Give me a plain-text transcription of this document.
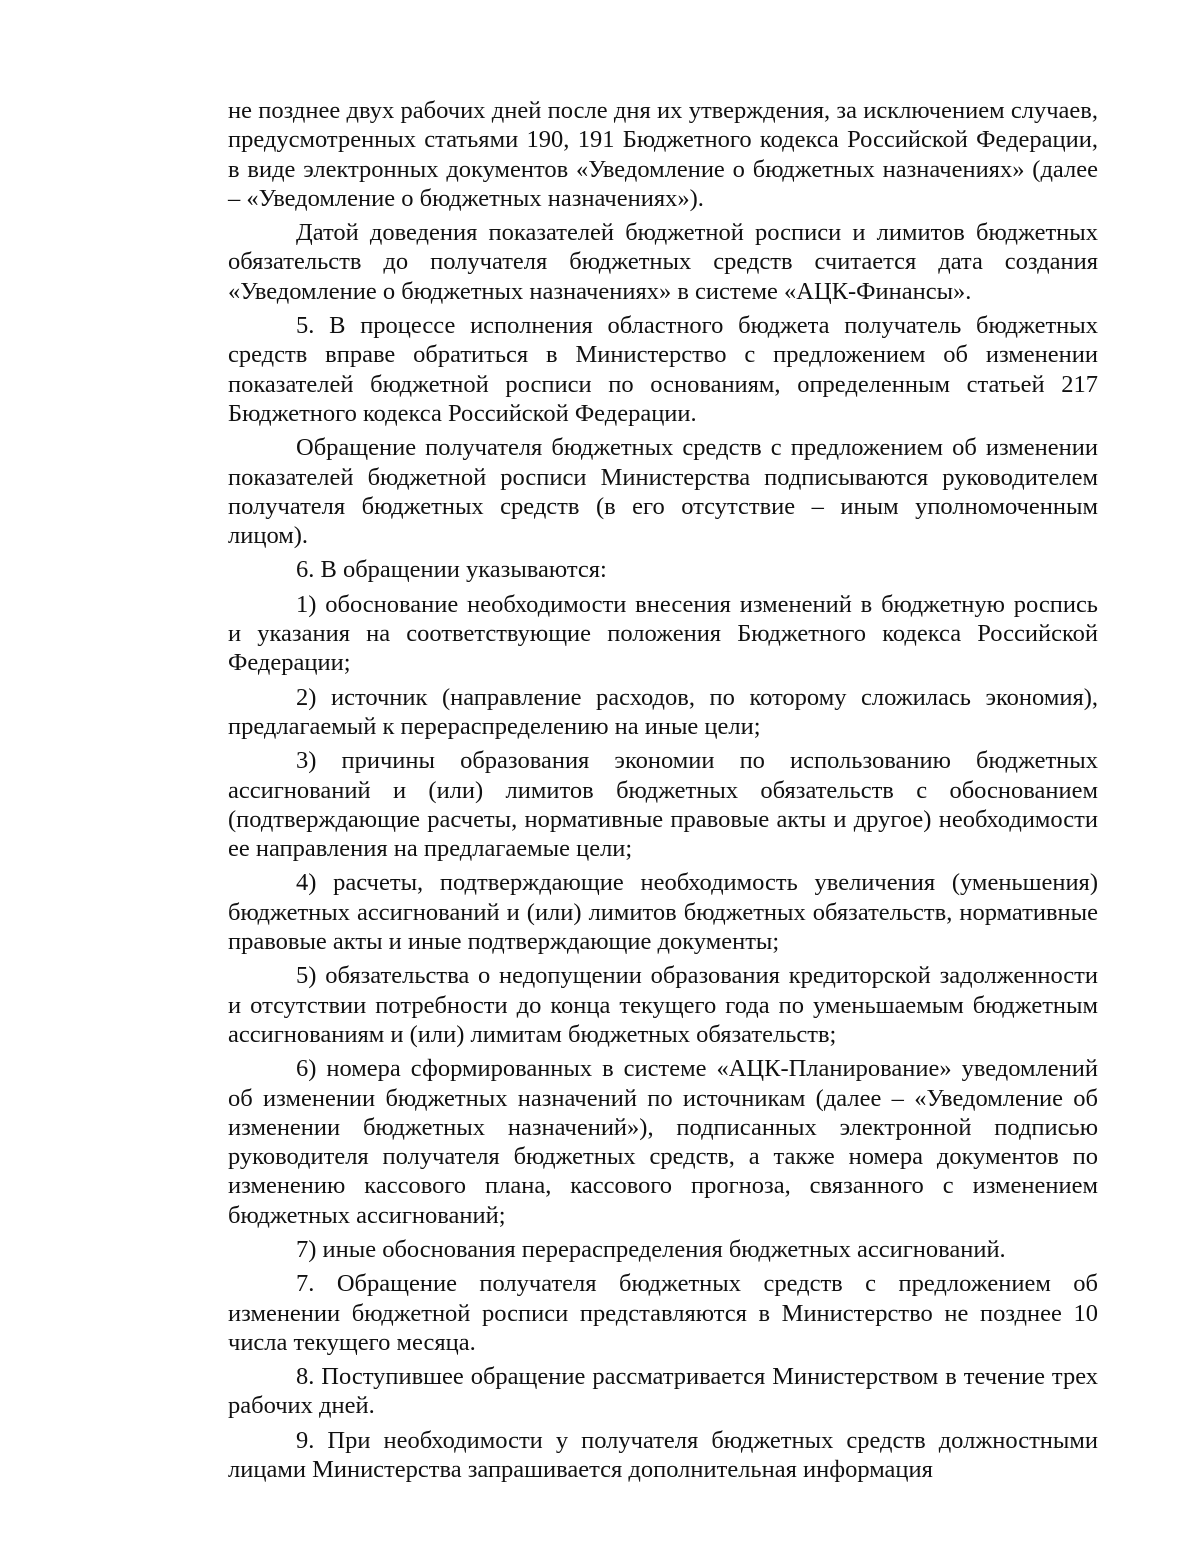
не позднее двух рабочих дней после дня их утверждения, за исключением случаев, предусмотренных статьями 190, 191 Бюджетного кодекса Российской Федерации, в виде электронных документов «Уведомление о бюджетных назначениях» (далее – «Уведомление о бюджетных назначениях»).

Датой доведения показателей бюджетной росписи и лимитов бюджетных обязательств до получателя бюджетных средств считается дата создания «Уведомление о бюджетных назначениях» в системе «АЦК-Финансы».

5. В процессе исполнения областного бюджета получатель бюджетных средств вправе обратиться в Министерство с предложением об изменении показателей бюджетной росписи по основаниям, определенным статьей 217 Бюджетного кодекса Российской Федерации.

Обращение получателя бюджетных средств с предложением об изменении показателей бюджетной росписи Министерства подписываются руководителем получателя бюджетных средств (в его отсутствие – иным уполномоченным лицом).

6. В обращении указываются:

1) обоснование необходимости внесения изменений в бюджетную роспись и указания на соответствующие положения Бюджетного кодекса Российской Федерации;

2) источник (направление расходов, по которому сложилась экономия), предлагаемый к перераспределению на иные цели;

3) причины образования экономии по использованию бюджетных ассигнований и (или) лимитов бюджетных обязательств с обоснованием (подтверждающие расчеты, нормативные правовые акты и другое) необходимости ее направления на предлагаемые цели;

4) расчеты, подтверждающие необходимость увеличения (уменьшения) бюджетных ассигнований и (или) лимитов бюджетных обязательств, нормативные правовые акты и иные подтверждающие документы;

5) обязательства о недопущении образования кредиторской задолженности и отсутствии потребности до конца текущего года по уменьшаемым бюджетным ассигнованиям и (или) лимитам бюджетных обязательств;

6) номера сформированных в системе «АЦК-Планирование» уведомлений об изменении бюджетных назначений по источникам (далее – «Уведомление об изменении бюджетных назначений»), подписанных электронной подписью руководителя получателя бюджетных средств, а также номера документов по изменению кассового плана, кассового прогноза, связанного с изменением бюджетных ассигнований;

7) иные обоснования перераспределения бюджетных ассигнований.

7. Обращение получателя бюджетных средств с предложением об изменении бюджетной росписи представляются в Министерство не позднее 10 числа текущего месяца.

8. Поступившее обращение рассматривается Министерством в течение трех рабочих дней.

9. При необходимости у получателя бюджетных средств должностными лицами Министерства запрашивается дополнительная информация
